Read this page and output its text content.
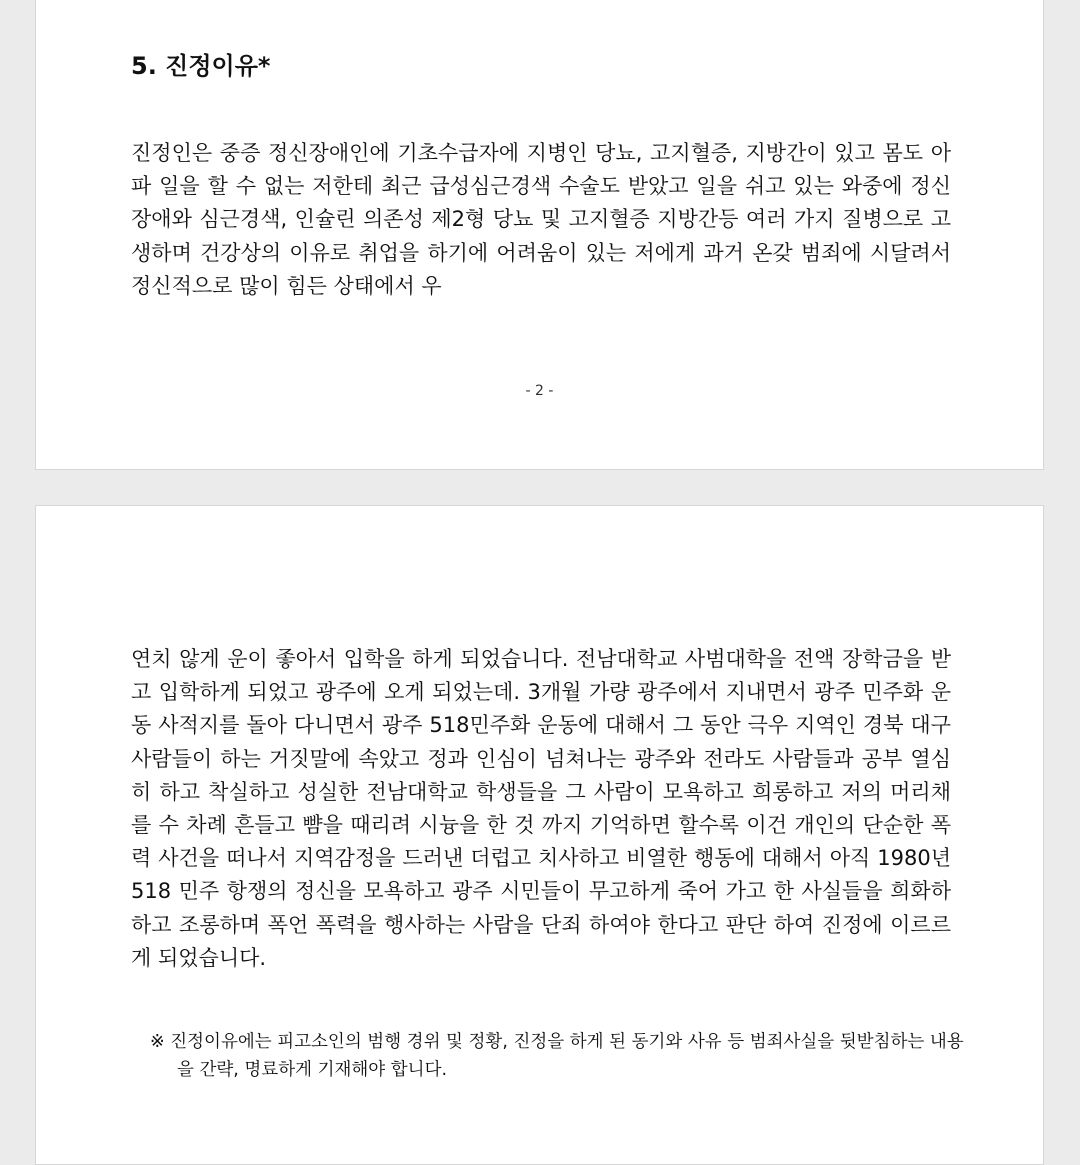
5. 진정이유*

진정인은 중증 정신장애인에 기초수급자에 지병인 당뇨, 고지혈증, 지방간이 있고 몸도 아파 일을 할 수 없는 저한테 최근 급성심근경색 수술도 받았고 일을 쉬고 있는 와중에 정신장애와 심근경색, 인슐린 의존성 제2형 당뇨 및 고지혈증 지방간등 여러 가지 질병으로 고생하며 건강상의 이유로 취업을 하기에 어려움이 있는 저에게 과거 온갖 범죄에 시달려서 정신적으로 많이 힘든 상태에서 우

- 2 -

연치 않게 운이 좋아서 입학을 하게 되었습니다. 전남대학교 사범대학을 전액 장학금을 받고 입학하게 되었고 광주에 오게 되었는데. 3개월 가량 광주에서 지내면서 광주 민주화 운동 사적지를 돌아 다니면서 광주 518민주화 운동에 대해서 그 동안 극우 지역인 경북 대구 사람들이 하는 거짓말에 속았고 정과 인심이 넘쳐나는 광주와 전라도 사람들과 공부 열심히 하고 착실하고 성실한 전남대학교 학생들을 그 사람이 모욕하고 희롱하고 저의 머리채를 수 차례 흔들고 뺨을 때리려 시늉을 한 것 까지 기억하면 할수록 이건 개인의 단순한 폭력 사건을 떠나서 지역감정을 드러낸 더럽고 치사하고 비열한 행동에 대해서 아직 1980년 518 민주 항쟁의 정신을 모욕하고 광주 시민들이 무고하게 죽어 가고 한 사실들을 희화하 하고 조롱하며 폭언 폭력을 행사하는 사람을 단죄 하여야 한다고 판단 하여 진정에 이르르게 되었습니다.

※ 진정이유에는 피고소인의 범행 경위 및 정황, 진정을 하게 된 동기와 사유 등 범죄사실을 뒷받침하는 내용을 간략, 명료하게 기재해야 합니다.
